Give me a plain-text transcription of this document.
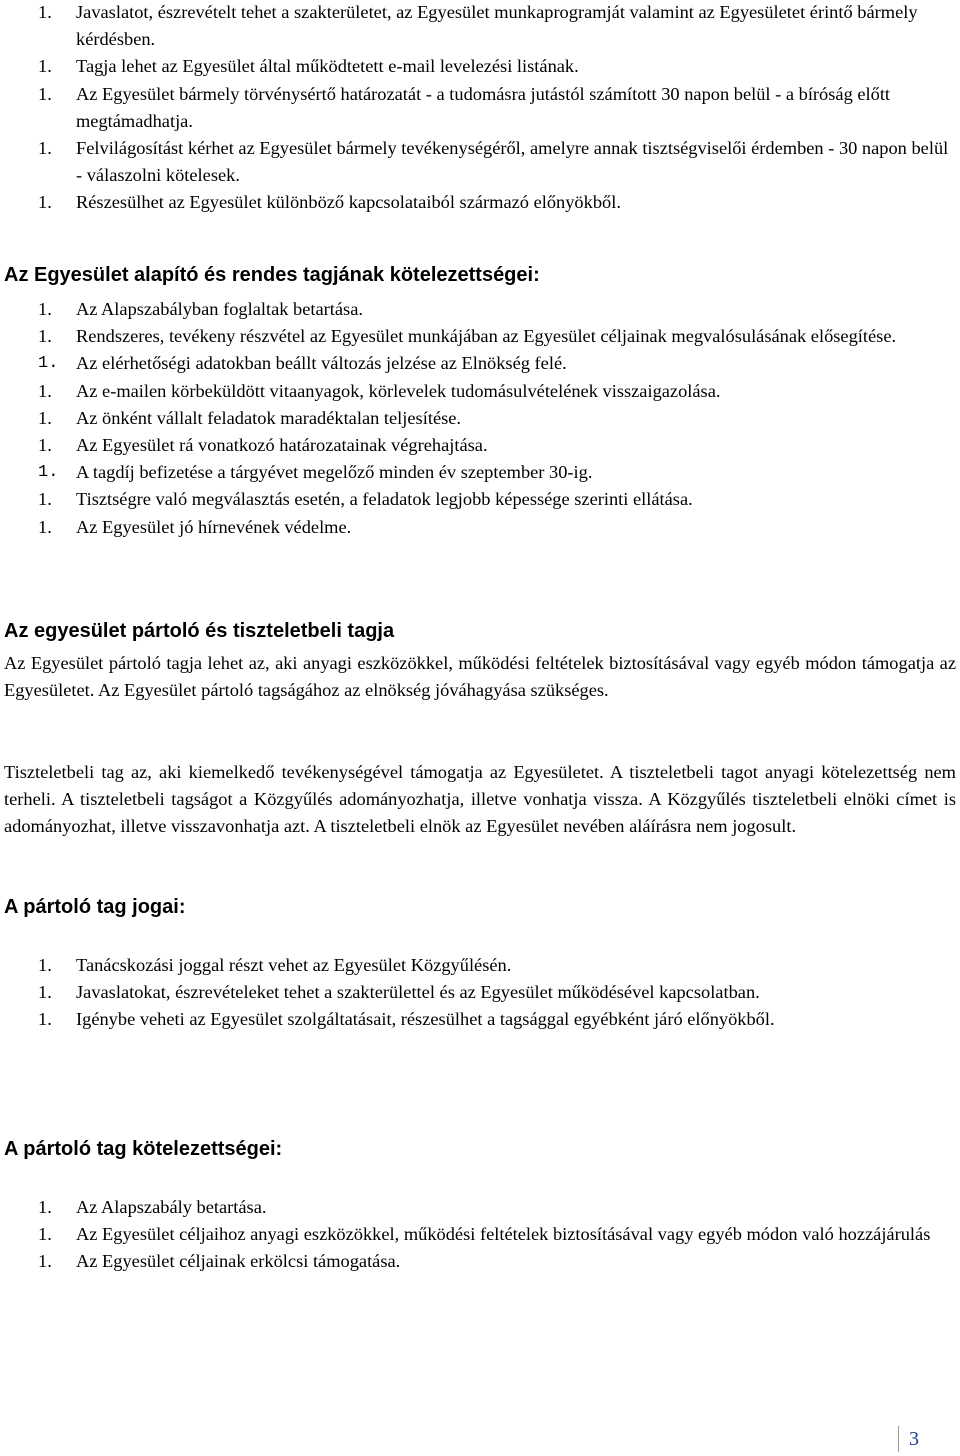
1. Javaslatot, észrevételt tehet a szakterületet, az Egyesület munkaprogramját valamint az Egyesületet érintő bármely kérdésben.
1. Tagja lehet az Egyesület által működtetett e-mail levelezési listának.
1. Az Egyesület bármely törvénysértő határozatát - a tudomásra jutástól számított 30 napon belül - a bíróság előtt megtámadhatja.
1. Felvilágosítást kérhet az Egyesület bármely tevékenységéről, amelyre annak tisztségviselői érdemben - 30 napon belül - válaszolni kötelesek.
1. Részesülhet az Egyesület különböző kapcsolataiból származó előnyökből.
Az Egyesület alapító és rendes tagjának kötelezettségei:
1. Az Alapszabályban foglaltak betartása.
1. Rendszeres, tevékeny részvétel az Egyesület munkájában az Egyesület céljainak megvalósulásának elősegítése.
1. Az elérhetőségi adatokban beállt változás jelzése az Elnökség felé.
1. Az e-mailen körbeküldött vitaanyagok, körlevelek tudomásulvételének visszaigazolása.
1. Az önként vállalt feladatok maradéktalan teljesítése.
1. Az Egyesület rá vonatkozó határozatainak végrehajtása.
1. A tagdíj befizetése a tárgyévet megelőző minden év szeptember 30-ig.
1. Tisztségre való megválasztás esetén, a feladatok legjobb képessége szerinti ellátása.
1. Az Egyesület jó hírnevének védelme.
Az egyesület pártoló és tiszteletbeli tagja

Az Egyesület pártoló tagja lehet az, aki anyagi eszközökkel, működési feltételek biztosításával vagy egyéb módon támogatja az Egyesületet. Az Egyesület pártoló tagságához az elnökség jóváhagyása szükséges.

Tiszteletbeli tag az, aki kiemelkedő tevékenységével támogatja az Egyesületet. A tiszteletbeli tagot anyagi kötelezettség nem terheli. A tiszteletbeli tagságot a Közgyűlés adományozhatja, illetve vonhatja vissza. A Közgyűlés tiszteletbeli elnöki címet is adományozhat, illetve visszavonhatja azt. A tiszteletbeli elnök az Egyesület nevében aláírásra nem jogosult.

A pártoló tag jogai:
1. Tanácskozási joggal részt vehet az Egyesület Közgyűlésén.
1. Javaslatokat, észrevételeket tehet a szakterülettel és az Egyesület működésével kapcsolatban.
1. Igénybe veheti az Egyesület szolgáltatásait, részesülhet a tagsággal egyébként járó előnyökből.
A pártoló tag kötelezettségei:
1. Az Alapszabály betartása.
1. Az Egyesület céljaihoz anyagi eszközökkel, működési feltételek biztosításával vagy egyéb módon való hozzájárulás
1. Az Egyesület céljainak erkölcsi támogatása.
3
